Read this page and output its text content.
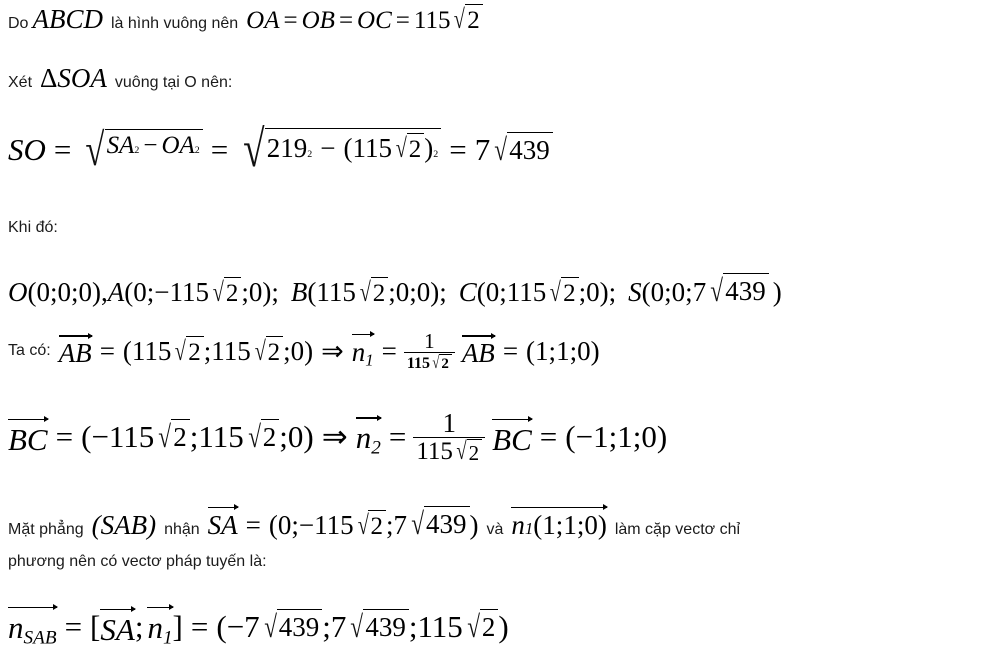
Do ABCD là hình vuông nên OA = OB = OC = 115 √ 2
Xét Δ SOA vuông tại O nên:
SO = √ SA 2 − OA 2 = √ 219 2 − ( 115 √ 2 ) 2 = 7 √ 439
Khi đó:
O ( 0 ; 0 ; 0 ) , A ( 0 ; − 115 √ 2 ; 0 ) ; B ( 115 √ 2 ; 0 ; 0 ) ; C ( 0 ; 115 √ 2 ; 0 ) ; S ( 0 ; 0 ; 7 √ 439 )
Ta có: AB = ( 115 √ 2 ; 115 √ 2 ; 0 ) ⇒ $n_1 = \frac{1}{115 √ 2}$ AB = ( 1 ; 1 ; 0 )
BC = ( − 115 √ 2 ; 115 √ 2 ; 0 ) ⇒ $n_2 = \frac{1}{115 √ 2}$ BC = ( − 1 ; 1 ; 0 )
Mặt phẳng (SAB) nhận SA = ( 0 ; − 115 √ 2 ; 7 √ 439 ) và n 1 ( 1 ; 1 ; 0 ) làm cặp vectơ chỉ
phương nên có vectơ pháp tuyến là:
$n_{SAB}$ = [ SA ; $n_1$ ] = ( − 7 √ 439 ; 7 √ 439 ; 115 √ 2 )
